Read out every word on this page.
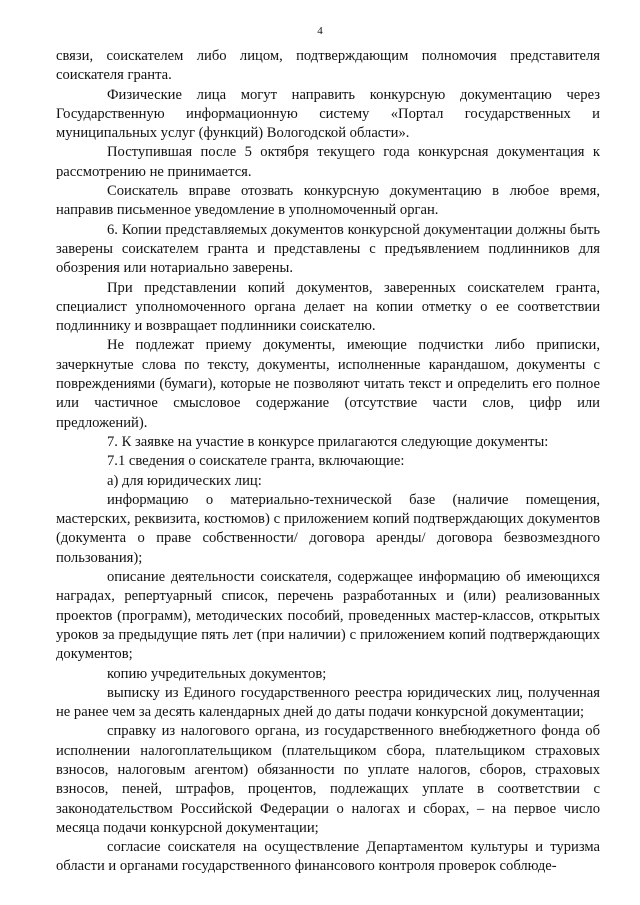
4

связи, соискателем либо лицом, подтверждающим полномочия представителя соискателя гранта.

Физические лица могут направить конкурсную документацию через Государственную информационную систему «Портал государственных и муниципальных услуг (функций) Вологодской области».

Поступившая после 5 октября текущего года конкурсная документация к рассмотрению не принимается.

Соискатель вправе отозвать конкурсную документацию в любое время, направив письменное уведомление в уполномоченный орган.

6. Копии представляемых документов конкурсной документации должны быть заверены соискателем гранта и представлены с предъявлением подлинников для обозрения или нотариально заверены.

При представлении копий документов, заверенных соискателем гранта, специалист уполномоченного органа делает на копии отметку о ее соответствии подлиннику и возвращает подлинники соискателю.

Не подлежат приему документы, имеющие подчистки либо приписки, зачеркнутые слова по тексту, документы, исполненные карандашом, документы с повреждениями (бумаги), которые не позволяют читать текст и определить его полное или частичное смысловое содержание (отсутствие части слов, цифр или предложений).

7. К заявке на участие в конкурсе прилагаются следующие документы:

7.1 сведения о соискателе гранта, включающие:

а) для юридических лиц:

информацию о материально-технической базе (наличие помещения, мастерских, реквизита, костюмов) с приложением копий подтверждающих документов (документа о праве собственности/ договора аренды/ договора безвозмездного пользования);

описание деятельности соискателя, содержащее информацию об имеющихся наградах, репертуарный список, перечень разработанных и (или) реализованных проектов (программ), методических пособий, проведенных мастер-классов, открытых уроков за предыдущие пять лет (при наличии) с приложением копий подтверждающих документов;

копию учредительных документов;

выписку из Единого государственного реестра юридических лиц, полученная не ранее чем за десять календарных дней до даты подачи конкурсной документации;

справку из налогового органа, из государственного внебюджетного фонда об исполнении налогоплательщиком (плательщиком сбора, плательщиком страховых взносов, налоговым агентом) обязанности по уплате налогов, сборов, страховых взносов, пеней, штрафов, процентов, подлежащих уплате в соответствии с законодательством Российской Федерации о налогах и сборах, – на первое число месяца подачи конкурсной документации;

согласие соискателя на осуществление Департаментом культуры и туризма области и органами государственного финансового контроля проверок соблюде-
